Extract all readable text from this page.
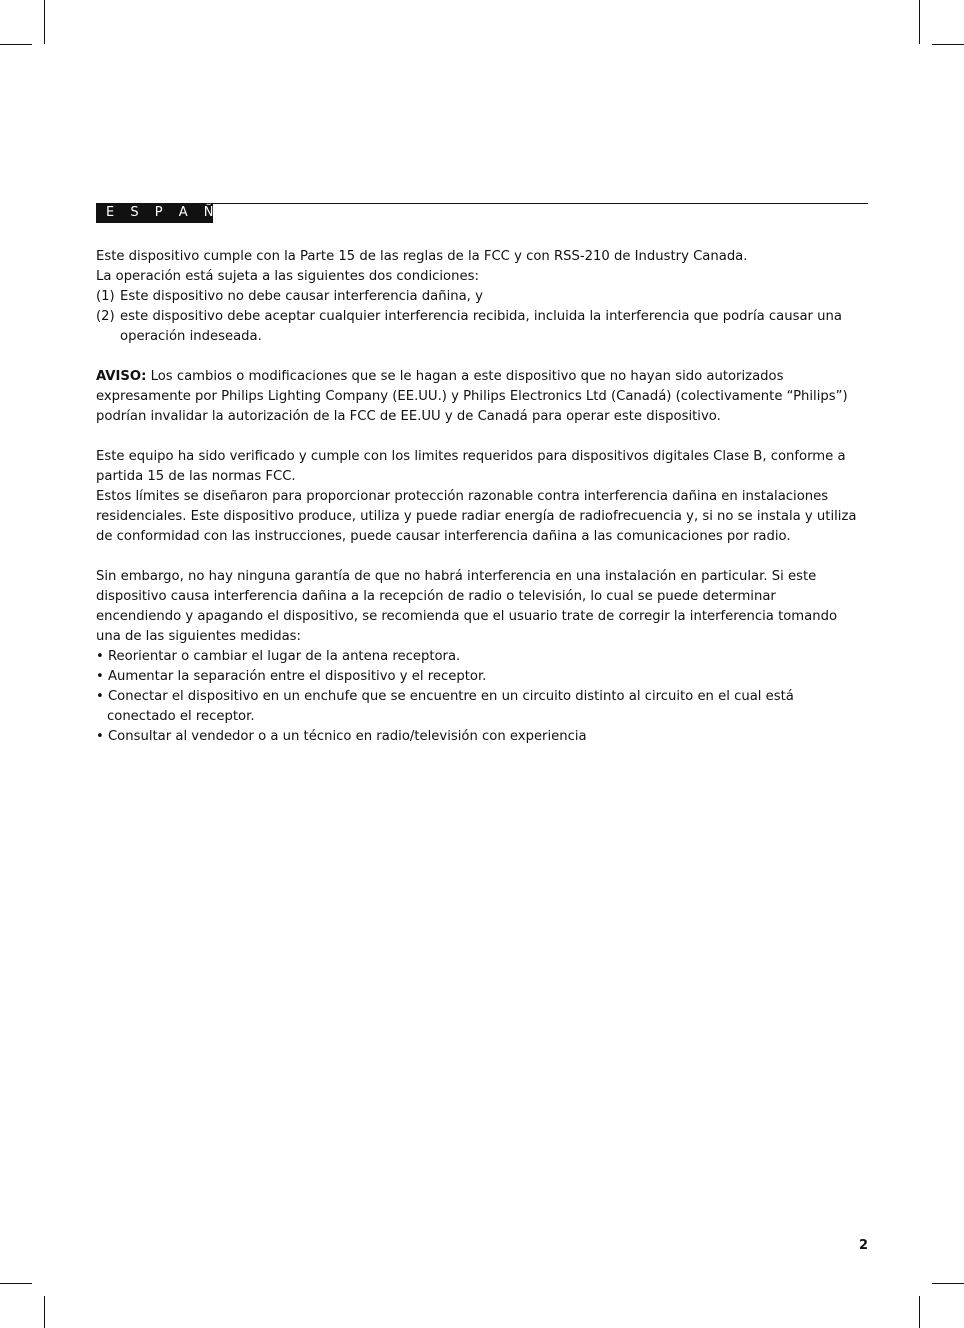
E S P A Ñ O L

Este dispositivo cumple con la Parte 15 de las reglas de la FCC y con RSS-210 de Industry Canada.

La operación está sujeta a las siguientes dos condiciones:

(1) Este dispositivo no debe causar interferencia dañina, y
(2) este dispositivo debe aceptar cualquier interferencia recibida, incluida la interferencia que podría causar una operación indeseada.

AVISO: Los cambios o modificaciones que se le hagan a este dispositivo que no hayan sido autorizados expresamente por Philips Lighting Company (EE.UU.) y Philips Electronics Ltd (Canadá) (colectivamente “Philips”) podrían invalidar la autorización de la FCC de EE.UU y de Canadá para operar este dispositivo.

Este equipo ha sido verificado y cumple con los limites requeridos para dispositivos digitales Clase B, conforme a partida 15 de las normas FCC.

Estos límites se diseñaron para proporcionar protección razonable contra interferencia dañina en instalaciones residenciales. Este dispositivo produce, utiliza y puede radiar energía de radiofrecuencia y, si no se instala y utiliza de conformidad con las instrucciones, puede causar interferencia dañina a las comunicaciones por radio.

Sin embargo, no hay ninguna garantía de que no habrá interferencia en una instalación en particular. Si este dispositivo causa interferencia dañina a la recepción de radio o televisión, lo cual se puede determinar encendiendo y apagando el dispositivo, se recomienda que el usuario trate de corregir la interferencia tomando una de las siguientes medidas:

• Reorientar o cambiar el lugar de la antena receptora.

• Aumentar la separación entre el dispositivo y el receptor.

• Conectar el dispositivo en un enchufe que se encuentre en un circuito distinto al circuito en el cual está conectado el receptor.

• Consultar al vendedor o a un técnico en radio/televisión con experiencia

2
